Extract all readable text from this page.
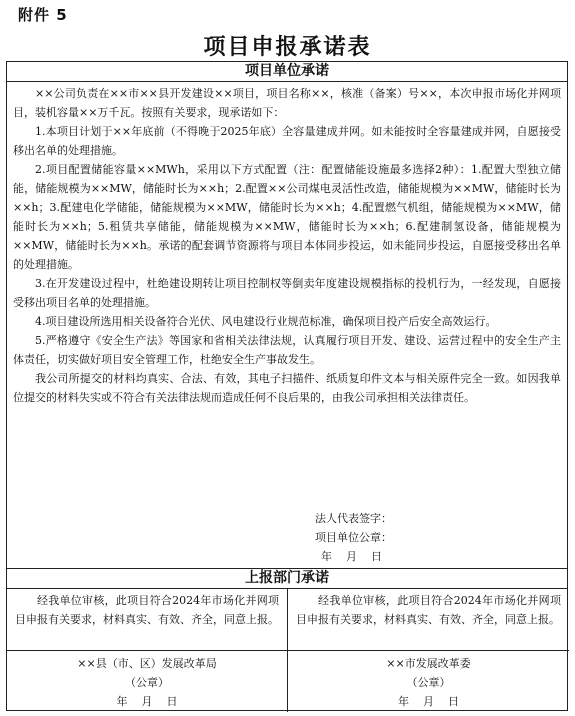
附件 5
项目申报承诺表
项目单位承诺

××公司负责在××市××县开发建设××项目，项目名称××，核准（备案）号××，本次申报市场化并网项目，装机容量××万千瓦。按照有关要求，现承诺如下：

1.本项目计划于××年底前（不得晚于2025年底）全容量建成并网。如未能按时全容量建成并网，自愿接受移出名单的处理措施。

2.项目配置储能容量××MWh，采用以下方式配置（注：配置储能设施最多选择2种）：1.配置大型独立储能，储能规模为××MW，储能时长为××h；2.配置××公司煤电灵活性改造，储能规模为××MW，储能时长为××h；3.配建电化学储能，储能规模为××MW，储能时长为××h；4.配置燃气机组，储能规模为××MW，储能时长为××h；5.租赁共享储能，储能规模为××MW，储能时长为××h；6.配建制氢设备，储能规模为××MW，储能时长为××h。承诺的配套调节资源将与项目本体同步投运，如未能同步投运，自愿接受移出名单的处理措施。

3.在开发建设过程中，杜绝建设期转让项目控制权等倒卖年度建设规模指标的投机行为，一经发现，自愿接受移出项目名单的处理措施。

4.项目建设所选用相关设备符合光伏、风电建设行业规范标准，确保项目投产后安全高效运行。

5.严格遵守《安全生产法》等国家和省相关法律法规，认真履行项目开发、建设、运营过程中的安全生产主体责任，切实做好项目安全管理工作，杜绝安全生产事故发生。

我公司所提交的材料均真实、合法、有效，其电子扫描件、纸质复印件文本与相关原件完全一致。如因我单位提交的材料失实或不符合有关法律法规而造成任何不良后果的，由我公司承担相关法律责任。

法人代表签字：
项目单位公章：
年    月    日
上报部门承诺
经我单位审核，此项目符合2024年市场化并网项目申报有关要求，材料真实、有效、齐全，同意上报。
××县（市、区）发展改革局
（公章）
年    月    日
经我单位审核，此项目符合2024年市场化并网项目申报有关要求，材料真实、有效、齐全，同意上报。
××市发展改革委
（公章）
年    月    日
